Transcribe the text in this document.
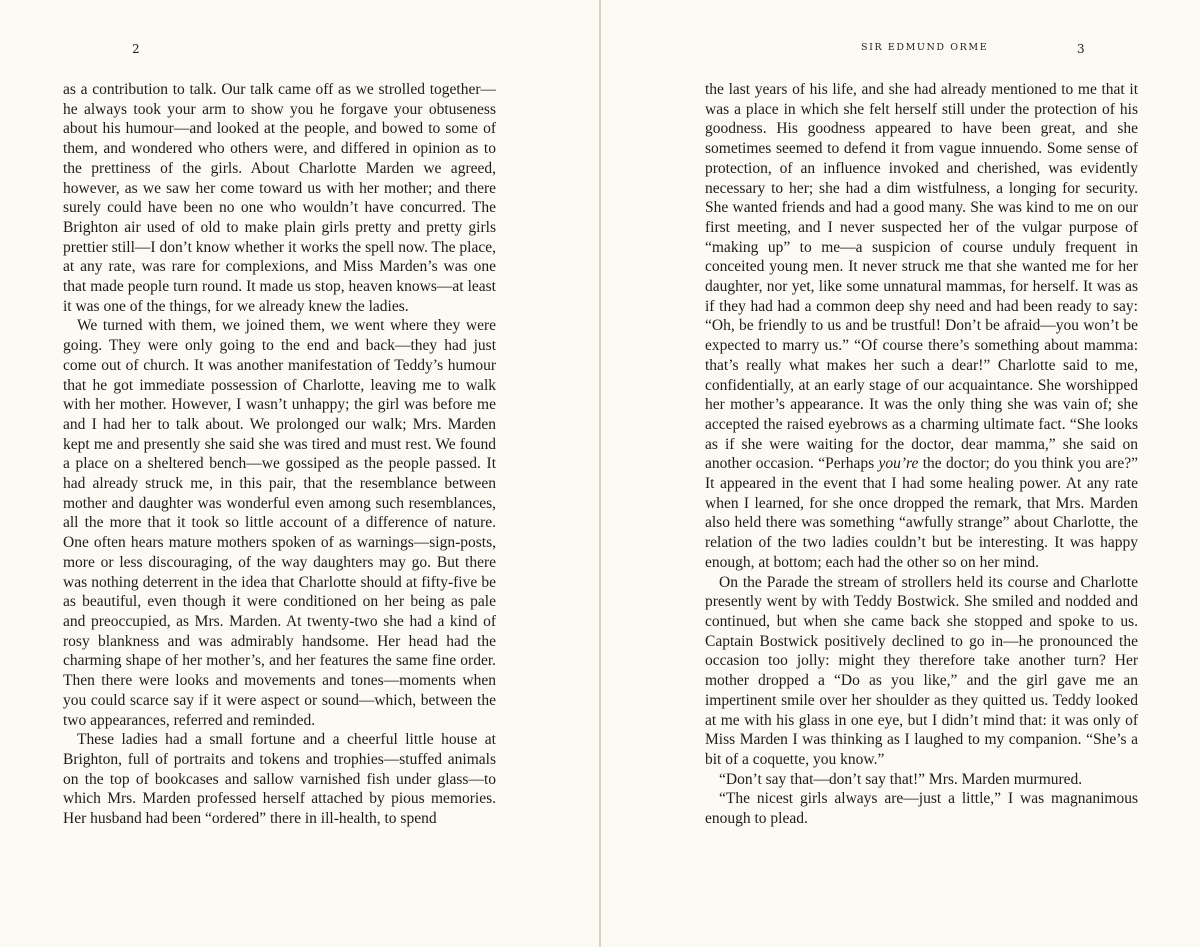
2

as a contribution to talk. Our talk came off as we strolled together—he always took your arm to show you he forgave your obtuseness about his humour—and looked at the people, and bowed to some of them, and wondered who others were, and differed in opinion as to the prettiness of the girls. About Charlotte Marden we agreed, however, as we saw her come toward us with her mother; and there surely could have been no one who wouldn’t have concurred. The Brighton air used of old to make plain girls pretty and pretty girls prettier still—I don’t know whether it works the spell now. The place, at any rate, was rare for complexions, and Miss Marden’s was one that made people turn round. It made us stop, heaven knows—at least it was one of the things, for we already knew the ladies.

We turned with them, we joined them, we went where they were going. They were only going to the end and back—they had just come out of church. It was another manifestation of Teddy’s humour that he got immediate possession of Charlotte, leaving me to walk with her mother. However, I wasn’t unhappy; the girl was before me and I had her to talk about. We prolonged our walk; Mrs. Marden kept me and presently she said she was tired and must rest. We found a place on a sheltered bench—we gossiped as the people passed. It had already struck me, in this pair, that the resemblance between mother and daughter was wonderful even among such resemblances, all the more that it took so little account of a difference of nature. One often hears mature mothers spoken of as warnings—sign-posts, more or less discouraging, of the way daughters may go. But there was nothing deterrent in the idea that Charlotte should at fifty-five be as beautiful, even though it were conditioned on her being as pale and preoccupied, as Mrs. Marden. At twenty-two she had a kind of rosy blankness and was admirably handsome. Her head had the charming shape of her mother’s, and her features the same fine order. Then there were looks and movements and tones—moments when you could scarce say if it were aspect or sound—which, between the two appearances, referred and reminded.

These ladies had a small fortune and a cheerful little house at Brighton, full of portraits and tokens and trophies—stuffed animals on the top of bookcases and sallow varnished fish under glass—to which Mrs. Marden professed herself attached by pious memories. Her husband had been “ordered” there in ill-health, to spend

SIR EDMUND ORME	3

the last years of his life, and she had already mentioned to me that it was a place in which she felt herself still under the protection of his goodness. His goodness appeared to have been great, and she sometimes seemed to defend it from vague innuendo. Some sense of protection, of an influence invoked and cherished, was evidently necessary to her; she had a dim wistfulness, a longing for security. She wanted friends and had a good many. She was kind to me on our first meeting, and I never suspected her of the vulgar purpose of “making up” to me—a suspicion of course unduly frequent in conceited young men. It never struck me that she wanted me for her daughter, nor yet, like some unnatural mammas, for herself. It was as if they had had a common deep shy need and had been ready to say: “Oh, be friendly to us and be trustful! Don’t be afraid—you won’t be expected to marry us.” “Of course there’s something about mamma: that’s really what makes her such a dear!” Charlotte said to me, confidentially, at an early stage of our acquaintance. She worshipped her mother’s appearance. It was the only thing she was vain of; she accepted the raised eyebrows as a charming ultimate fact. “She looks as if she were waiting for the doctor, dear mamma,” she said on another occasion. “Perhaps you’re the doctor; do you think you are?” It appeared in the event that I had some healing power. At any rate when I learned, for she once dropped the remark, that Mrs. Marden also held there was something “awfully strange” about Charlotte, the relation of the two ladies couldn’t but be interesting. It was happy enough, at bottom; each had the other so on her mind.

On the Parade the stream of strollers held its course and Charlotte presently went by with Teddy Bostwick. She smiled and nodded and continued, but when she came back she stopped and spoke to us. Captain Bostwick positively declined to go in—he pronounced the occasion too jolly: might they therefore take another turn? Her mother dropped a “Do as you like,” and the girl gave me an impertinent smile over her shoulder as they quitted us. Teddy looked at me with his glass in one eye, but I didn’t mind that: it was only of Miss Marden I was thinking as I laughed to my companion. “She’s a bit of a coquette, you know.”

“Don’t say that—don’t say that!” Mrs. Marden murmured.

“The nicest girls always are—just a little,” I was magnanimous enough to plead.
